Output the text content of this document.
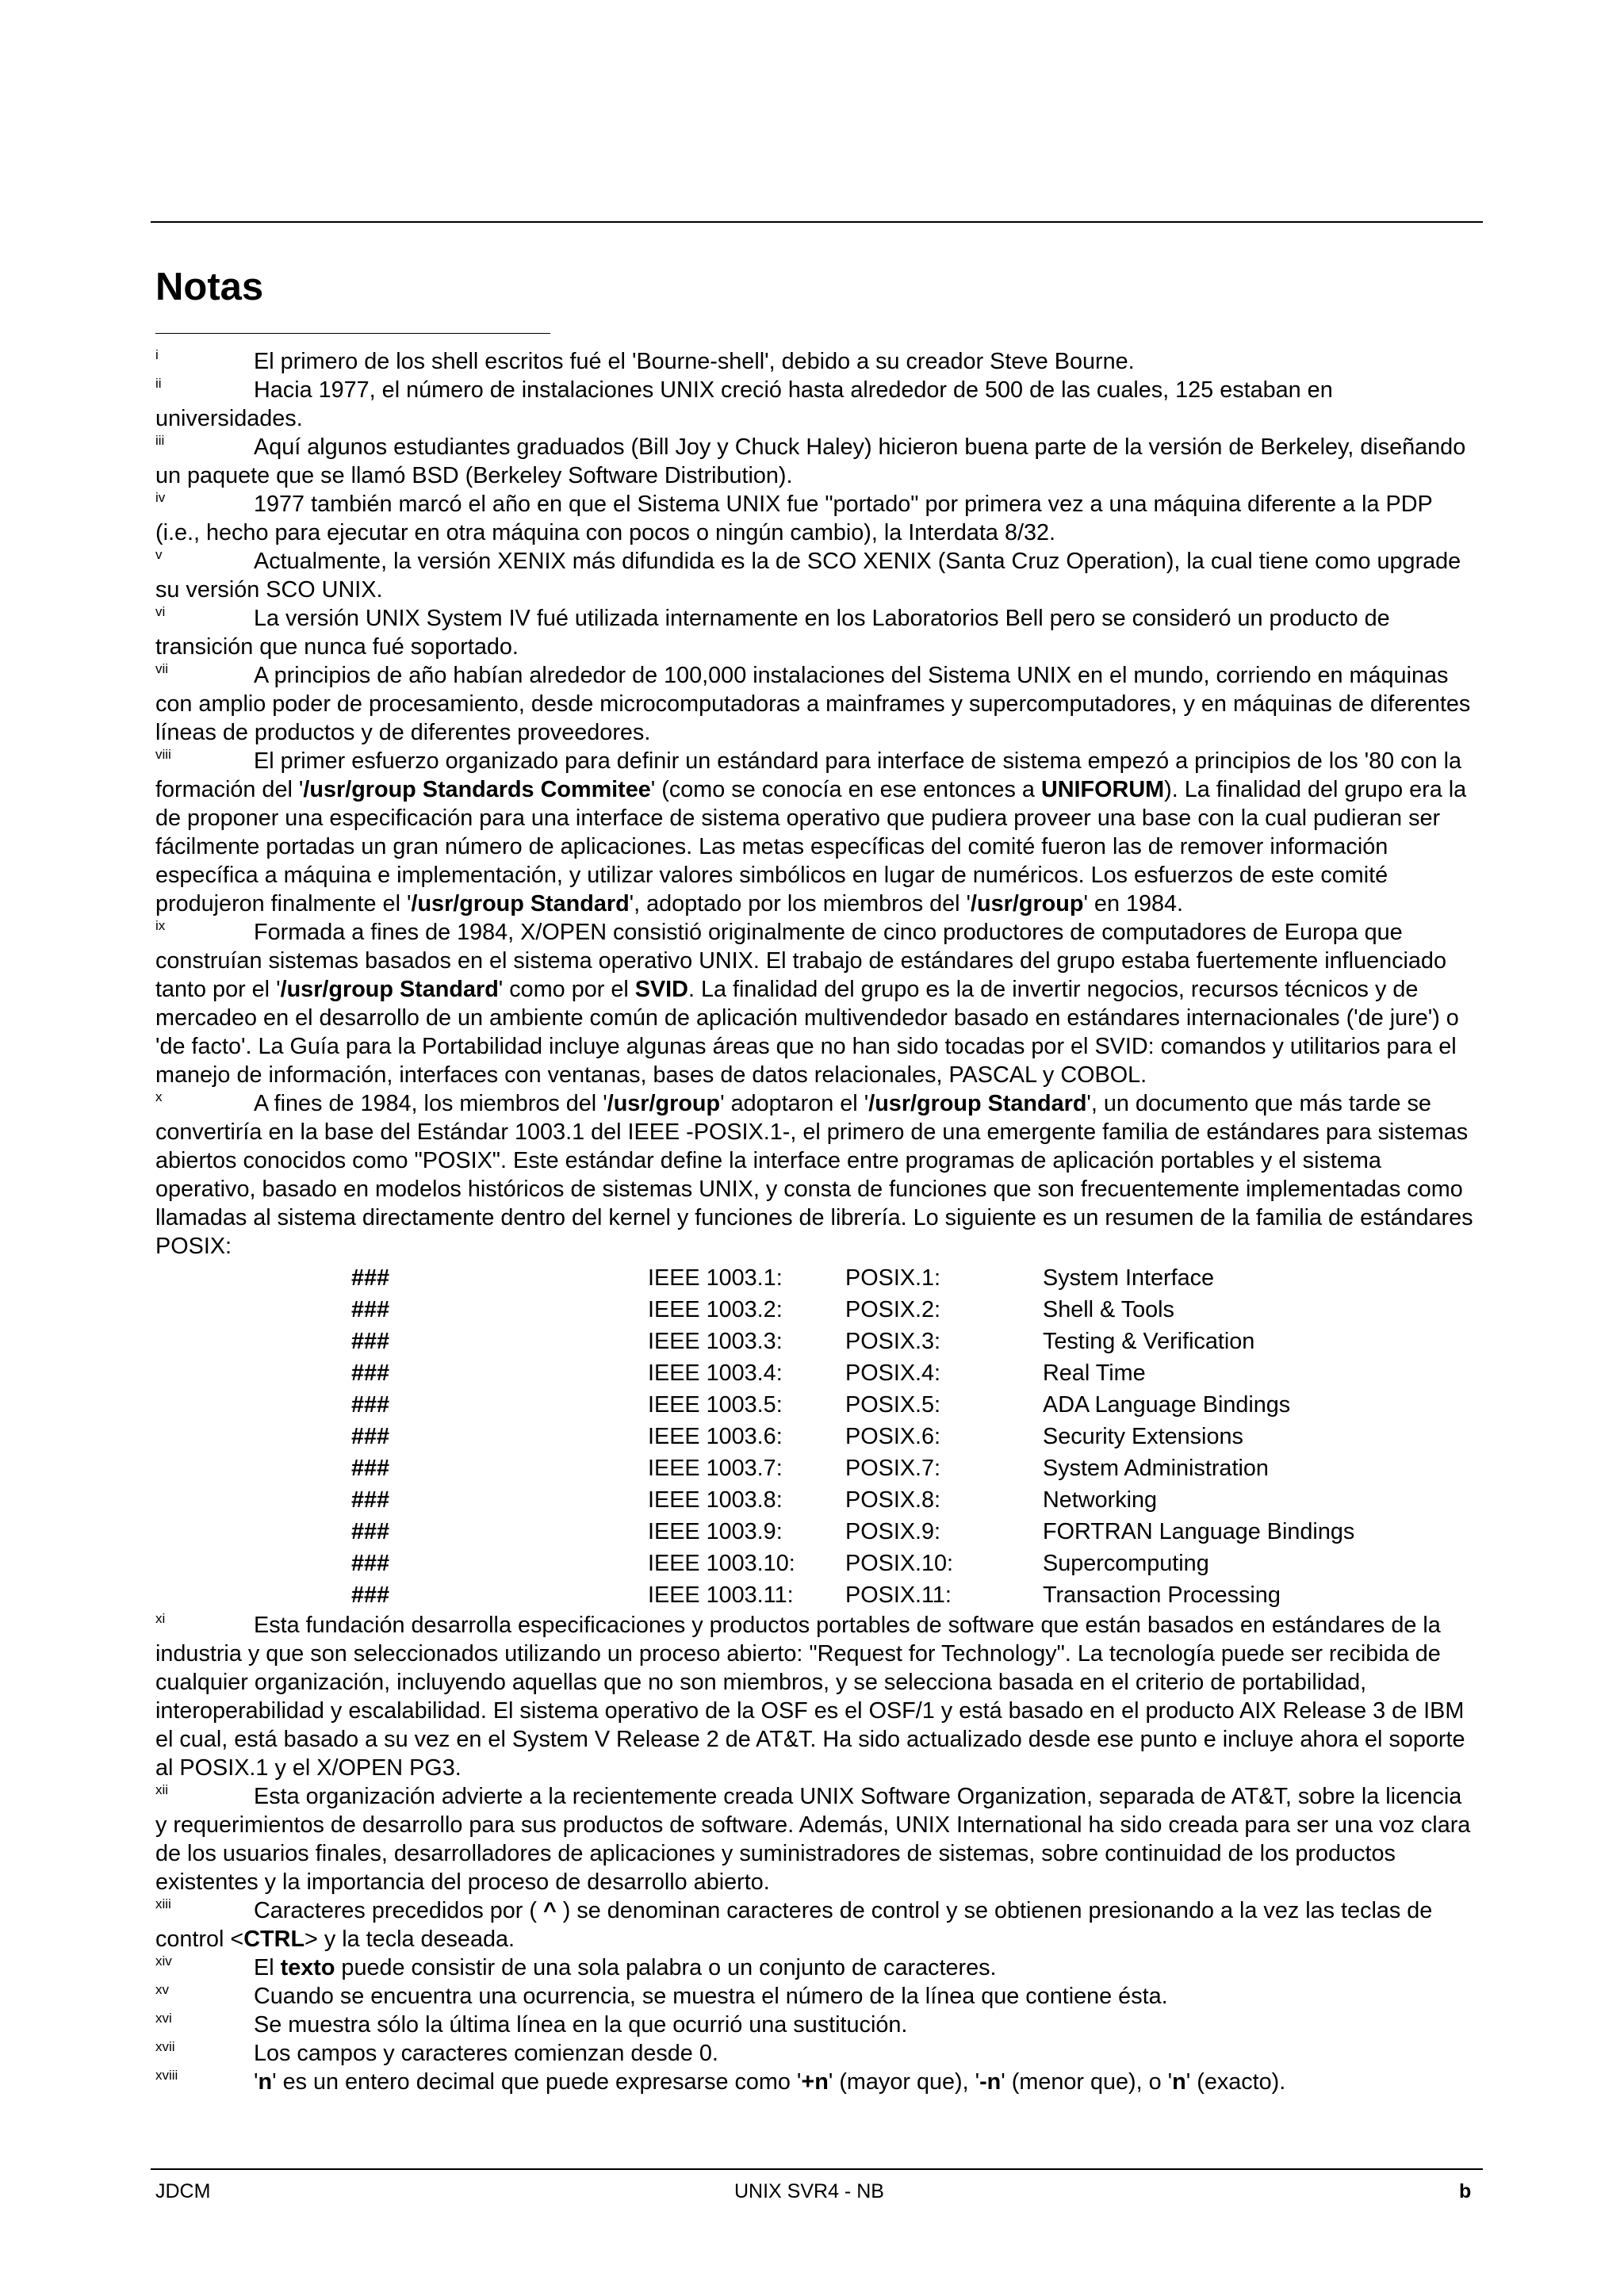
Notas

i	El primero de los shell escritos fué el 'Bourne-shell', debido a su creador Steve Bourne.

ii	Hacia 1977, el número de instalaciones UNIX creció hasta alrededor de 500 de las cuales, 125 estaban en universidades.

iii	Aquí algunos estudiantes graduados (Bill Joy y Chuck Haley) hicieron buena parte de la versión de Berkeley, diseñando un paquete que se llamó BSD (Berkeley Software Distribution).

iv	1977 también marcó el año en que el Sistema UNIX fue "portado" por primera vez a una máquina diferente a la PDP (i.e., hecho para ejecutar en otra máquina con pocos o ningún cambio), la Interdata 8/32.

v	Actualmente, la versión XENIX más difundida es la de SCO XENIX (Santa Cruz Operation), la cual tiene como upgrade su versión SCO UNIX.

vi	La versión UNIX System IV fué utilizada internamente en los Laboratorios Bell pero se consideró un producto de transición que nunca fué soportado.

vii	A principios de año habían alrededor de 100,000 instalaciones del Sistema UNIX en el mundo, corriendo en máquinas con amplio poder de procesamiento, desde microcomputadoras a mainframes y supercomputadores, y en máquinas de diferentes líneas de productos y de diferentes proveedores.

viii	El primer esfuerzo organizado para definir un estándard para interface de sistema empezó a principios de los '80 con la formación del '/usr/group Standards Commitee' (como se conocía en ese entonces a UNIFORUM). La finalidad del grupo era la de proponer una especificación para una interface de sistema operativo que pudiera proveer una base con la cual pudieran ser fácilmente portadas un gran número de aplicaciones. Las metas específicas del comité fueron las de remover información específica a máquina e implementación, y utilizar valores simbólicos en lugar de numéricos. Los esfuerzos de este comité produjeron finalmente el '/usr/group Standard', adoptado por los miembros del '/usr/group' en 1984.

ix	Formada a fines de 1984, X/OPEN consistió originalmente de cinco productores de computadores de Europa que construían sistemas basados en el sistema operativo UNIX. El trabajo de estándares del grupo estaba fuertemente influenciado tanto por el '/usr/group Standard' como por el SVID. La finalidad del grupo es la de invertir negocios, recursos técnicos y de mercadeo en el desarrollo de un ambiente común de aplicación multivendedor basado en estándares internacionales ('de jure') o 'de facto'. La Guía para la Portabilidad incluye algunas áreas que no han sido tocadas por el SVID: comandos y utilitarios para el manejo de información, interfaces con ventanas, bases de datos relacionales, PASCAL y COBOL.

x	A fines de 1984, los miembros del '/usr/group' adoptaron el '/usr/group Standard', un documento que más tarde se convertiría en la base del Estándar 1003.1 del IEEE -POSIX.1-, el primero de una emergente familia de estándares para sistemas abiertos conocidos como "POSIX". Este estándar define la interface entre programas de aplicación portables y el sistema operativo, basado en modelos históricos de sistemas UNIX, y consta de funciones que son frecuentemente implementadas como llamadas al sistema directamente dentro del kernel y funciones de librería. Lo siguiente es un resumen de la familia de estándares POSIX:

	###	IEEE 1003.1:	POSIX.1:	System Interface
	###	IEEE 1003.2:	POSIX.2:	Shell & Tools
	###	IEEE 1003.3:	POSIX.3:	Testing & Verification
	###	IEEE 1003.4:	POSIX.4:	Real Time
	###	IEEE 1003.5:	POSIX.5:	ADA Language Bindings
	###	IEEE 1003.6:	POSIX.6:	Security Extensions
	###	IEEE 1003.7:	POSIX.7:	System Administration
	###	IEEE 1003.8:	POSIX.8:	Networking
	###	IEEE 1003.9:	POSIX.9:	FORTRAN Language Bindings
	###	IEEE 1003.10:	POSIX.10:	Supercomputing
	###	IEEE 1003.11:	POSIX.11:	Transaction Processing

xi	Esta fundación desarrolla especificaciones y productos portables de software que están basados en estándares de la industria y que son seleccionados utilizando un proceso abierto: "Request for Technology". La tecnología puede ser recibida de cualquier organización, incluyendo aquellas que no son miembros, y se selecciona basada en el criterio de portabilidad, interoperabilidad y escalabilidad. El sistema operativo de la OSF es el OSF/1 y está basado en el producto AIX Release 3 de IBM el cual, está basado a su vez en el System V Release 2 de AT&T. Ha sido actualizado desde ese punto e incluye ahora el soporte al POSIX.1 y el X/OPEN PG3.

xii	Esta organización advierte a la recientemente creada UNIX Software Organization, separada de AT&T, sobre la licencia y requerimientos de desarrollo para sus productos de software. Además, UNIX International ha sido creada para ser una voz clara de los usuarios finales, desarrolladores de aplicaciones y suministradores de sistemas, sobre continuidad de los productos existentes y la importancia del proceso de desarrollo abierto.

xiii	Caracteres precedidos por ( ^ ) se denominan caracteres de control y se obtienen presionando a la vez las teclas de control <CTRL> y la tecla deseada.

xiv	El texto puede consistir de una sola palabra o un conjunto de caracteres.

xv	Cuando se encuentra una ocurrencia, se muestra el número de la línea que contiene ésta.

xvi	Se muestra sólo la última línea en la que ocurrió una sustitución.

xvii	Los campos y caracteres comienzan desde 0.

xviii	'n' es un entero decimal que puede expresarse como '+n' (mayor que), '-n' (menor que), o 'n' (exacto).

JDCM	UNIX SVR4 - NB	b
